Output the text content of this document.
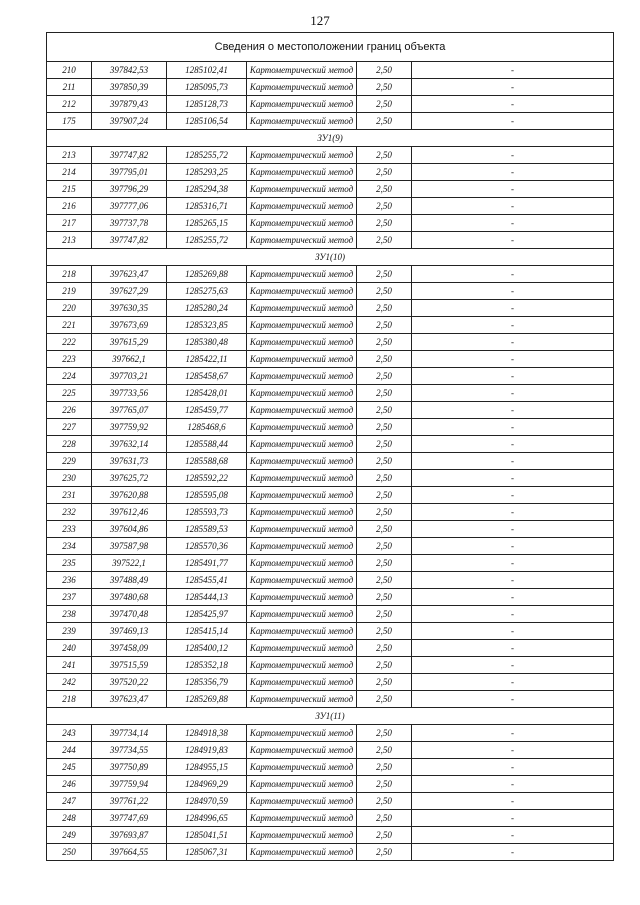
127
Сведения о местоположении границ объекта					
210	397842,53	1285102,41	Картометрический метод	2,50	-
211	397850,39	1285095,73	Картометрический метод	2,50	-
212	397879,43	1285128,73	Картометрический метод	2,50	-
175	397907,24	1285106,54	Картометрический метод	2,50	-
ЗУ1(9)					
213	397747,82	1285255,72	Картометрический метод	2,50	-
214	397795,01	1285293,25	Картометрический метод	2,50	-
215	397796,29	1285294,38	Картометрический метод	2,50	-
216	397777,06	1285316,71	Картометрический метод	2,50	-
217	397737,78	1285265,15	Картометрический метод	2,50	-
213	397747,82	1285255,72	Картометрический метод	2,50	-
ЗУ1(10)					
218	397623,47	1285269,88	Картометрический метод	2,50	-
219	397627,29	1285275,63	Картометрический метод	2,50	-
220	397630,35	1285280,24	Картометрический метод	2,50	-
221	397673,69	1285323,85	Картометрический метод	2,50	-
222	397615,29	1285380,48	Картометрический метод	2,50	-
223	397662,1	1285422,11	Картометрический метод	2,50	-
224	397703,21	1285458,67	Картометрический метод	2,50	-
225	397733,56	1285428,01	Картометрический метод	2,50	-
226	397765,07	1285459,77	Картометрический метод	2,50	-
227	397759,92	1285468,6	Картометрический метод	2,50	-
228	397632,14	1285588,44	Картометрический метод	2,50	-
229	397631,73	1285588,68	Картометрический метод	2,50	-
230	397625,72	1285592,22	Картометрический метод	2,50	-
231	397620,88	1285595,08	Картометрический метод	2,50	-
232	397612,46	1285593,73	Картометрический метод	2,50	-
233	397604,86	1285589,53	Картометрический метод	2,50	-
234	397587,98	1285570,36	Картометрический метод	2,50	-
235	397522,1	1285491,77	Картометрический метод	2,50	-
236	397488,49	1285455,41	Картометрический метод	2,50	-
237	397480,68	1285444,13	Картометрический метод	2,50	-
238	397470,48	1285425,97	Картометрический метод	2,50	-
239	397469,13	1285415,14	Картометрический метод	2,50	-
240	397458,09	1285400,12	Картометрический метод	2,50	-
241	397515,59	1285352,18	Картометрический метод	2,50	-
242	397520,22	1285356,79	Картометрический метод	2,50	-
218	397623,47	1285269,88	Картометрический метод	2,50	-
ЗУ1(11)					
243	397734,14	1284918,38	Картометрический метод	2,50	-
244	397734,55	1284919,83	Картометрический метод	2,50	-
245	397750,89	1284955,15	Картометрический метод	2,50	-
246	397759,94	1284969,29	Картометрический метод	2,50	-
247	397761,22	1284970,59	Картометрический метод	2,50	-
248	397747,69	1284996,65	Картометрический метод	2,50	-
249	397693,87	1285041,51	Картометрический метод	2,50	-
250	397664,55	1285067,31	Картометрический метод	2,50	-
